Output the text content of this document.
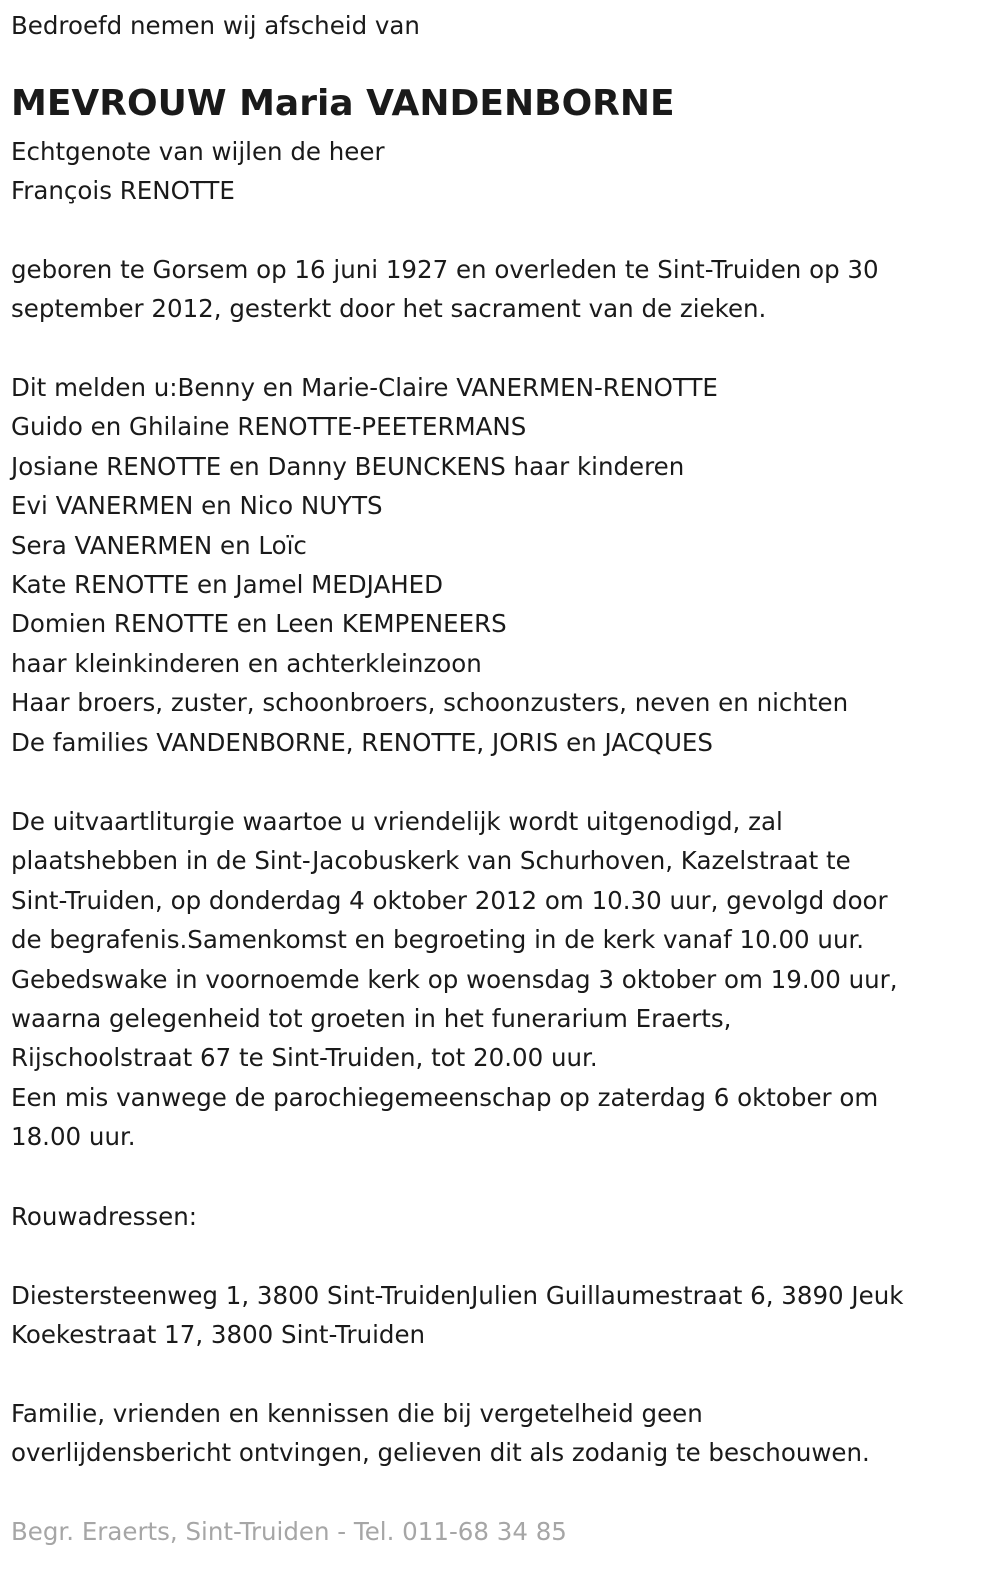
Bedroefd nemen wij afscheid van

MEVROUW Maria VANDENBORNE

Echtgenote van wijlen de heer

François RENOTTE

geboren te Gorsem op 16 juni 1927 en overleden te Sint-Truiden op 30

september 2012, gesterkt door het sacrament van de zieken.

Dit melden u:Benny en Marie-Claire VANERMEN-RENOTTE

Guido en Ghilaine RENOTTE-PEETERMANS

Josiane RENOTTE en Danny BEUNCKENS haar kinderen

Evi VANERMEN en Nico NUYTS

Sera VANERMEN en Loïc

Kate RENOTTE en Jamel MEDJAHED

Domien RENOTTE en Leen KEMPENEERS

haar kleinkinderen en achterkleinzoon

Haar broers, zuster, schoonbroers, schoonzusters, neven en nichten

De families VANDENBORNE, RENOTTE, JORIS en JACQUES

De uitvaartliturgie waartoe u vriendelijk wordt uitgenodigd, zal

plaatshebben in de Sint-Jacobuskerk van Schurhoven, Kazelstraat te

Sint-Truiden, op donderdag 4 oktober 2012 om 10.30 uur, gevolgd door

de begrafenis.Samenkomst en begroeting in de kerk vanaf 10.00 uur.

Gebedswake in voornoemde kerk op woensdag 3 oktober om 19.00 uur,

waarna gelegenheid tot groeten in het funerarium Eraerts,

Rijschoolstraat 67 te Sint-Truiden, tot 20.00 uur.

Een mis vanwege de parochiegemeenschap op zaterdag 6 oktober om

18.00 uur.

Rouwadressen:

Diestersteenweg 1, 3800 Sint-TruidenJulien Guillaumestraat 6, 3890 Jeuk

Koekestraat 17, 3800 Sint-Truiden

Familie, vrienden en kennissen die bij vergetelheid geen

overlijdensbericht ontvingen, gelieven dit als zodanig te beschouwen.

Begr. Eraerts, Sint-Truiden - Tel. 011-68 34 85
